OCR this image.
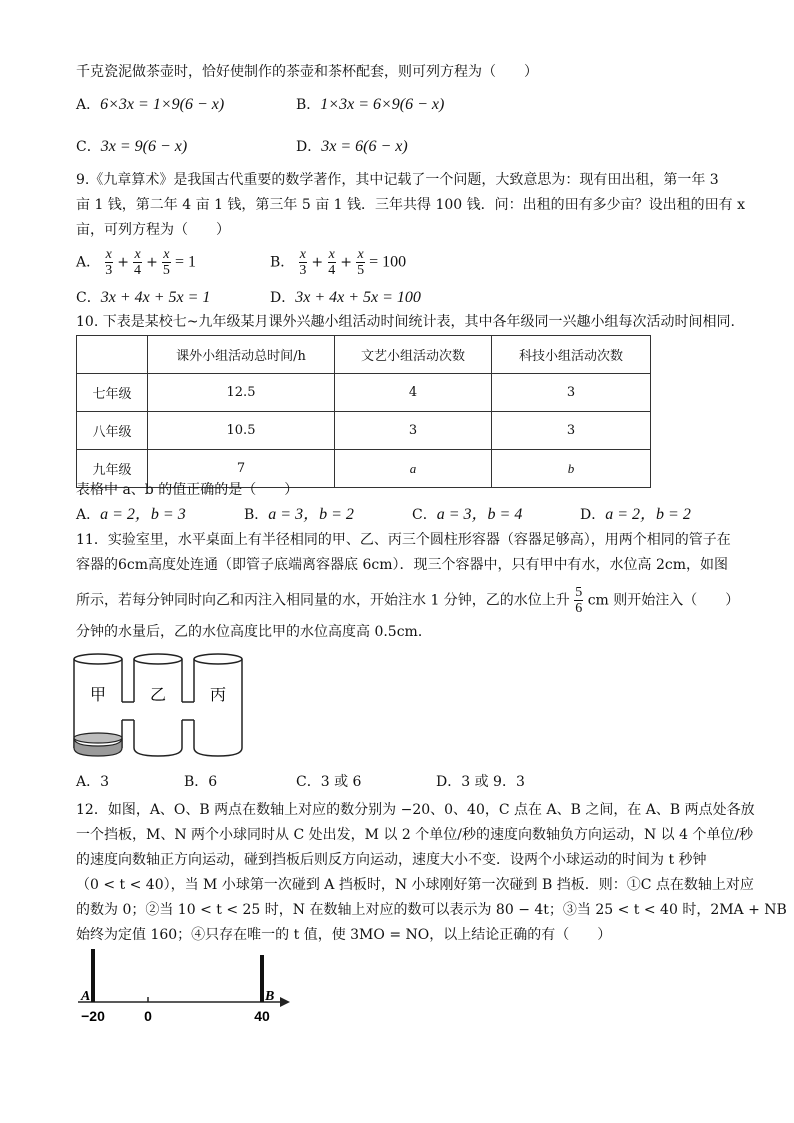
千克瓷泥做茶壶时，恰好使制作的茶壶和茶杯配套，则可列方程为（　　）
A．6×3x = 1×9(6 − x)	B．1×3x = 6×9(6 − x)
C．3x = 9(6 − x)	D．3x = 6(6 − x)
9.《九章算术》是我国古代重要的数学著作，其中记载了一个问题，大致意思为：现有田出租，第一年 3
亩 1 钱，第二年 4 亩 1 钱，第三年 5 亩 1 钱．三年共得 100 钱．问：出租的田有多少亩？设出租的田有 x
亩，可列方程为（　　）
A． $\frac{x}{3} + \frac{x}{4} + \frac{x}{5} = 1$	B． $\frac{x}{3} + \frac{x}{4} + \frac{x}{5} = 100$
C．3x + 4x + 5x = 1	D．3x + 4x + 5x = 100
10. 下表是某校七~九年级某月课外兴趣小组活动时间统计表，其中各年级同一兴趣小组每次活动时间相同.
	课外小组活动总时间/h	文艺小组活动次数	科技小组活动次数
七年级	12.5	4	3
八年级	10.5	3	3
九年级	7	a	b
表格中 a、b 的值正确的是（　　）
A．a = 2，b = 3	B．a = 3，b = 2	C．a = 3，b = 4	D．a = 2，b = 2
11．实验室里，水平桌面上有半径相同的甲、乙、丙三个圆柱形容器（容器足够高），用两个相同的管子在
容器的6cm高度处连通（即管子底端离容器底 6cm）．现三个容器中，只有甲中有水，水位高 2cm，如图
所示，若每分钟同时向乙和丙注入相同量的水，开始注水 1 分钟，乙的水位上升 $\frac{5}{6}$ cm 则开始注入（　　）
分钟的水量后，乙的水位高度比甲的水位高度高 0.5cm．
甲	乙	丙
A．3	B．6	C．3 或 6	D．3 或 9．3
12．如图，A、O、B 两点在数轴上对应的数分别为 −20、0、40，C 点在 A、B 之间，在 A、B 两点处各放
一个挡板，M、N 两个小球同时从 C 处出发，M 以 2 个单位/秒的速度向数轴负方向运动，N 以 4 个单位/秒
的速度向数轴正方向运动，碰到挡板后则反方向运动，速度大小不变．设两个小球运动的时间为 t 秒钟
（0 < t < 40），当 M 小球第一次碰到 A 挡板时，N 小球刚好第一次碰到 B 挡板．则：①C 点在数轴上对应
的数为 0；②当 10 < t < 25 时，N 在数轴上对应的数可以表示为 80 − 4t；③当 25 < t < 40 时，2MA + NB
始终为定值 160；④只存在唯一的 t 值，使 3MO = NO，以上结论正确的有（　　）
A	B
−20	0	40
